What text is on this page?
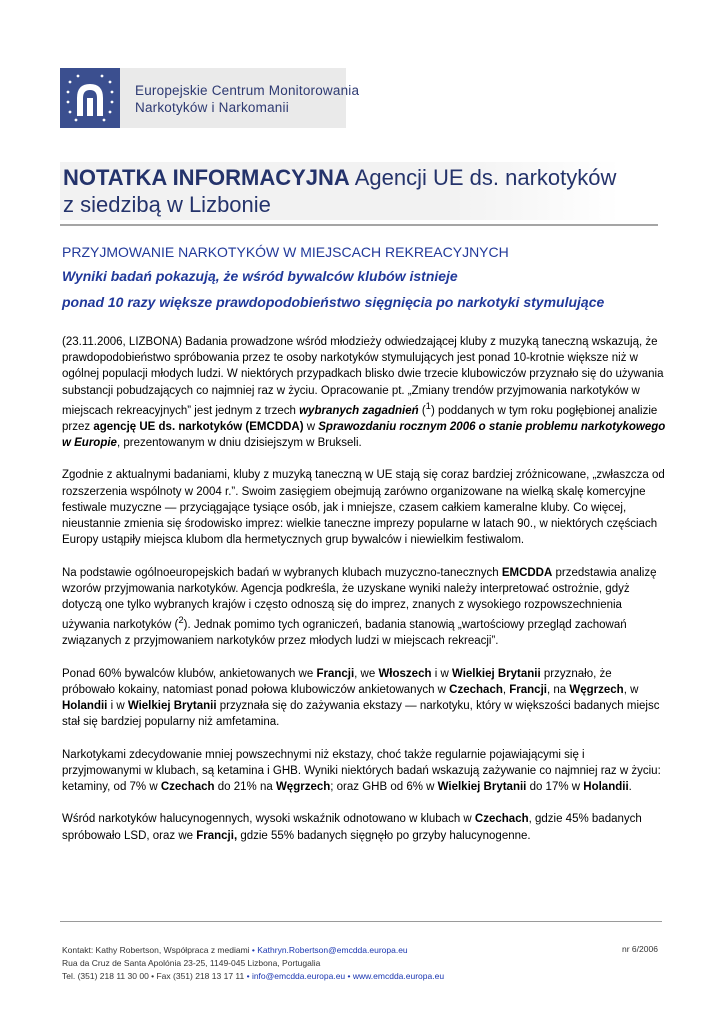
Europejskie Centrum Monitorowania
Narkotyków i Narkomanii
NOTATKA INFORMACYJNA Agencji UE ds. narkotyków
z siedzibą w Lizbonie
PRZYJMOWANIE NARKOTYKÓW W MIEJSCACH REKREACYJNYCH
Wyniki badań pokazują, że wśród bywalców klubów istnieje
ponad 10 razy większe prawdopodobieństwo sięgnięcia po narkotyki stymulujące

(23.11.2006, LIZBONA) Badania prowadzone wśród młodzieży odwiedzającej kluby z muzyką taneczną wskazują, że prawdopodobieństwo spróbowania przez te osoby narkotyków stymulujących jest ponad 10-krotnie większe niż w ogólnej populacji młodych ludzi. W niektórych przypadkach blisko dwie trzecie klubowiczów przyznało się do używania substancji pobudzających co najmniej raz w życiu. Opracowanie pt. „Zmiany trendów przyjmowania narkotyków w miejscach rekreacyjnych” jest jednym z trzech wybranych zagadnień ($^1$) poddanych w tym roku pogłębionej analizie przez agencję UE ds. narkotyków (EMCDDA) w Sprawozdaniu rocznym 2006 o stanie problemu narkotykowego w Europie, prezentowanym w dniu dzisiejszym w Brukseli.

Zgodnie z aktualnymi badaniami, kluby z muzyką taneczną w UE stają się coraz bardziej zróżnicowane, „zwłaszcza od rozszerzenia wspólnoty w 2004 r.”. Swoim zasięgiem obejmują zarówno organizowane na wielką skalę komercyjne festiwale muzyczne — przyciągające tysiące osób, jak i mniejsze, czasem całkiem kameralne kluby. Co więcej, nieustannie zmienia się środowisko imprez: wielkie taneczne imprezy popularne w latach 90., w niektórych częściach Europy ustąpiły miejsca klubom dla hermetycznych grup bywalców i niewielkim festiwalom.

Na podstawie ogólnoeuropejskich badań w wybranych klubach muzyczno-tanecznych EMCDDA przedstawia analizę wzorów przyjmowania narkotyków. Agencja podkreśla, że uzyskane wyniki należy interpretować ostrożnie, gdyż dotyczą one tylko wybranych krajów i często odnoszą się do imprez, znanych z wysokiego rozpowszechnienia używania narkotyków ($^2$). Jednak pomimo tych ograniczeń, badania stanowią „wartościowy przegląd zachowań związanych z przyjmowaniem narkotyków przez młodych ludzi w miejscach rekreacji”.

Ponad 60% bywalców klubów, ankietowanych we Francji, we Włoszech i w Wielkiej Brytanii przyznało, że próbowało kokainy, natomiast ponad połowa klubowiczów ankietowanych w Czechach, Francji, na Węgrzech, w Holandii i w Wielkiej Brytanii przyznała się do zażywania ekstazy — narkotyku, który w większości badanych miejsc stał się bardziej popularny niż amfetamina.

Narkotykami zdecydowanie mniej powszechnymi niż ekstazy, choć także regularnie pojawiającymi się i przyjmowanymi w klubach, są ketamina i GHB. Wyniki niektórych badań wskazują zażywanie co najmniej raz w życiu: ketaminy, od 7% w Czechach do 21% na Węgrzech; oraz GHB od 6% w Wielkiej Brytanii do 17% w Holandii.

Wśród narkotyków halucynogennych, wysoki wskaźnik odnotowano w klubach w Czechach, gdzie 45% badanych spróbowało LSD, oraz we Francji, gdzie 55% badanych sięgnęło po grzyby halucynogenne.

Kontakt: Kathy Robertson, Współpraca z mediami • Kathryn.Robertson@emcdda.europa.eu
Rua da Cruz de Santa Apolónia 23-25, 1149-045 Lizbona, Portugalia
Tel. (351) 218 11 30 00 • Fax (351) 218 13 17 11 • info@emcdda.europa.eu • www.emcdda.europa.eu
nr 6/2006
